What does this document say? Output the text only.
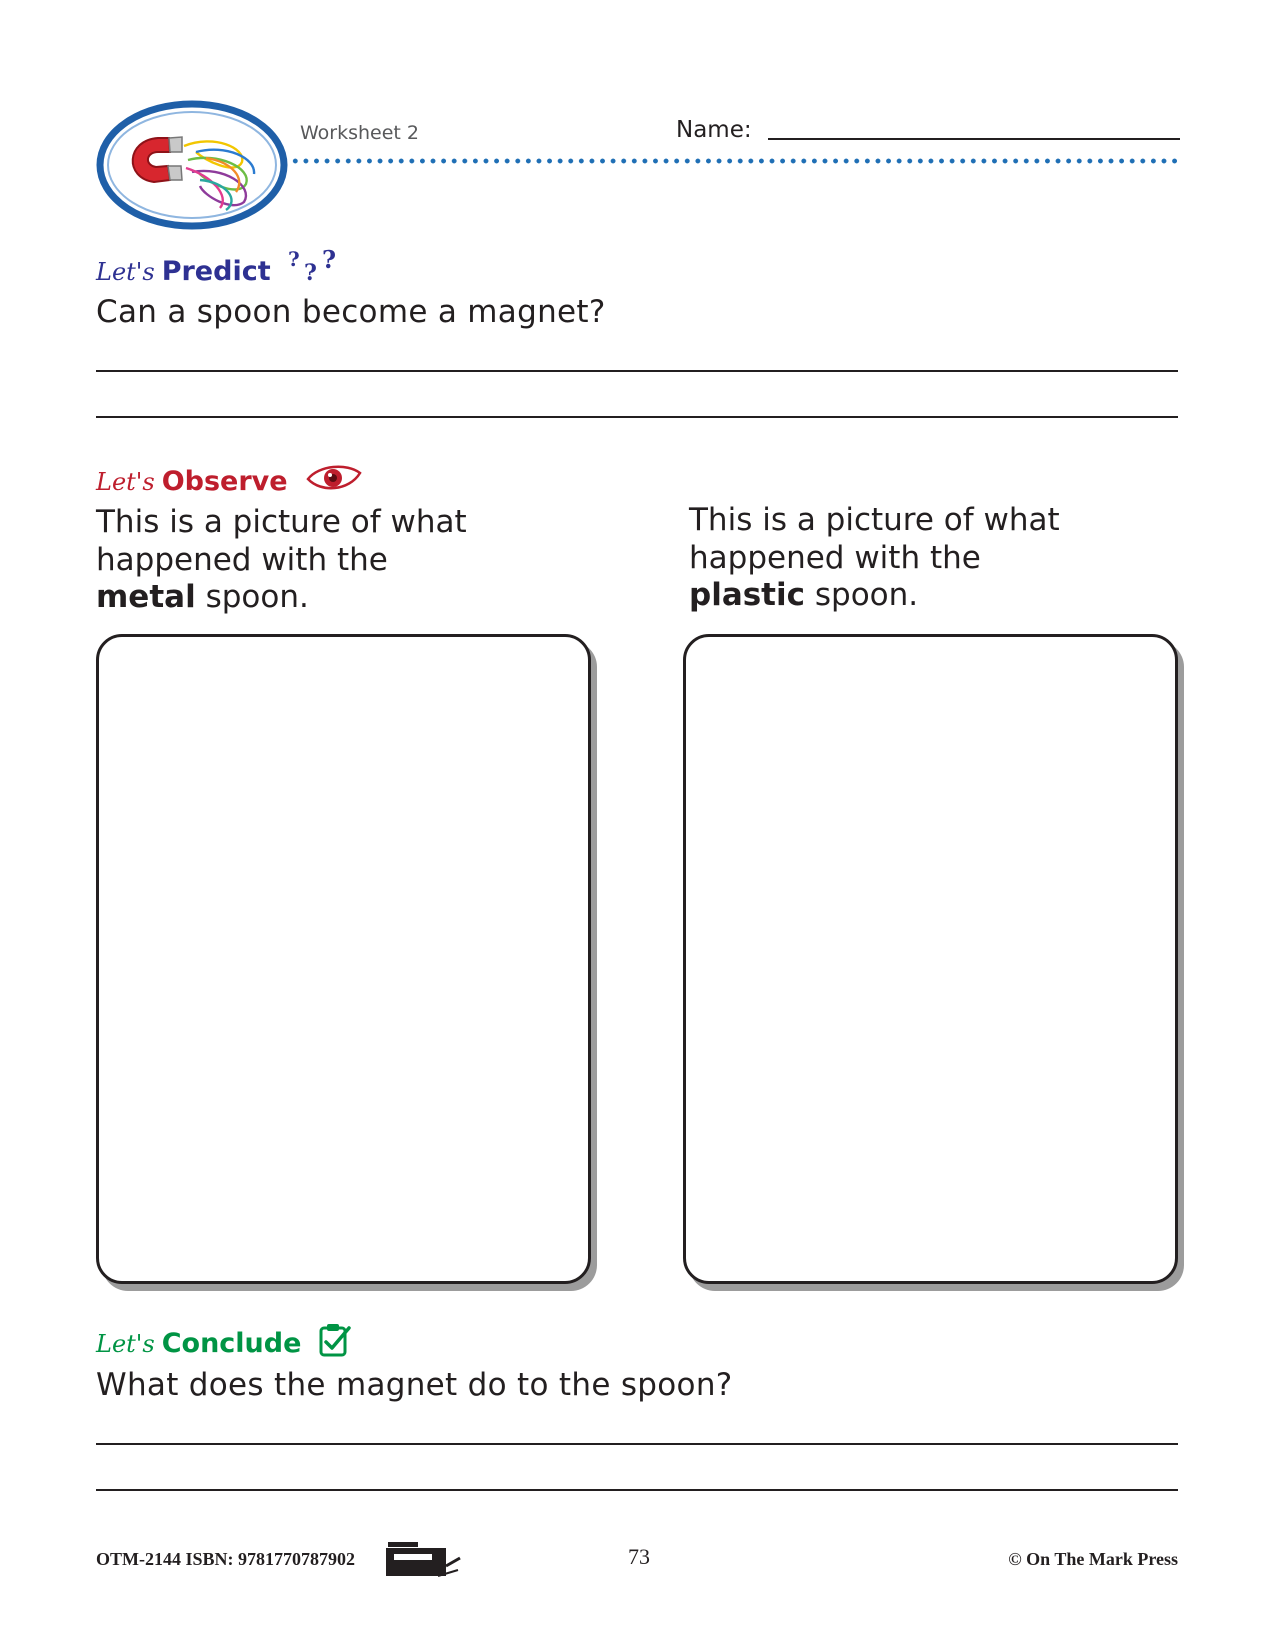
Worksheet 2	Name:
Let's Predict ?
? ?
Can a spoon become a magnet?
Let's Observe
This is a picture of what
happened with the
metal spoon.
This is a picture of what
happened with the
plastic spoon.
Let's Conclude
What does the magnet do to the spoon?
OTM-2144 ISBN: 9781770787902	73	© On The Mark Press
